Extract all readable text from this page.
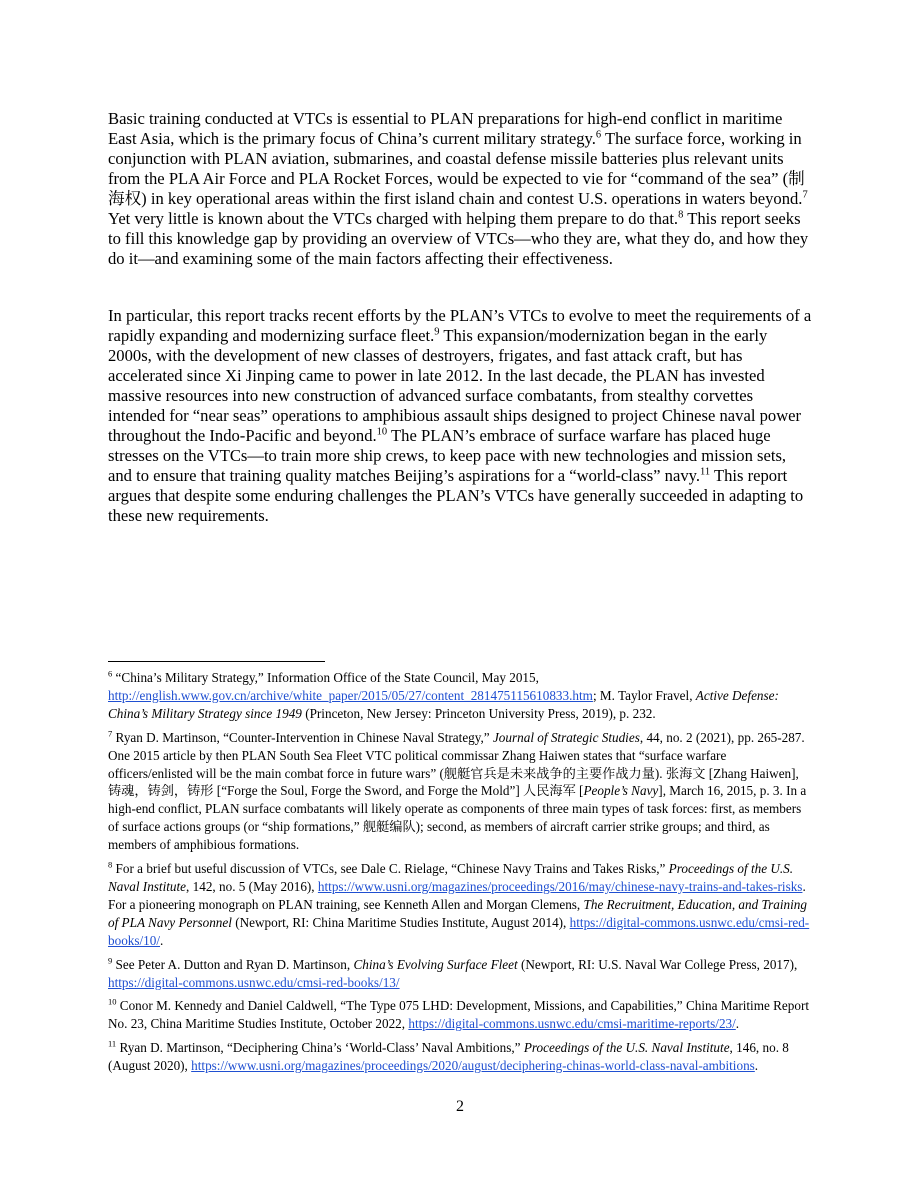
Basic training conducted at VTCs is essential to PLAN preparations for high-end conflict in maritime East Asia, which is the primary focus of China’s current military strategy.$^6$ The surface force, working in conjunction with PLAN aviation, submarines, and coastal defense missile batteries plus relevant units from the PLA Air Force and PLA Rocket Forces, would be expected to vie for “command of the sea” (制海权) in key operational areas within the first island chain and contest U.S. operations in waters beyond.$^7$ Yet very little is known about the VTCs charged with helping them prepare to do that.$^8$ This report seeks to fill this knowledge gap by providing an overview of VTCs—who they are, what they do, and how they do it—and examining some of the main factors affecting their effectiveness.

In particular, this report tracks recent efforts by the PLAN’s VTCs to evolve to meet the requirements of a rapidly expanding and modernizing surface fleet.$^9$ This expansion/modernization began in the early 2000s, with the development of new classes of destroyers, frigates, and fast attack craft, but has accelerated since Xi Jinping came to power in late 2012. In the last decade, the PLAN has invested massive resources into new construction of advanced surface combatants, from stealthy corvettes intended for “near seas” operations to amphibious assault ships designed to project Chinese naval power throughout the Indo-Pacific and beyond.$^{10}$ The PLAN’s embrace of surface warfare has placed huge stresses on the VTCs—to train more ship crews, to keep pace with new technologies and mission sets, and to ensure that training quality matches Beijing’s aspirations for a “world-class” navy.$^{11}$ This report argues that despite some enduring challenges the PLAN’s VTCs have generally succeeded in adapting to these new requirements.

$^6$ “China’s Military Strategy,” Information Office of the State Council, May 2015, http://english.www.gov.cn/archive/white_paper/2015/05/27/content_281475115610833.htm; M. Taylor Fravel, Active Defense: China’s Military Strategy since 1949 (Princeton, New Jersey: Princeton University Press, 2019), p. 232.

$^7$ Ryan D. Martinson, “Counter-Intervention in Chinese Naval Strategy,” Journal of Strategic Studies, 44, no. 2 (2021), pp. 265-287. One 2015 article by then PLAN South Sea Fleet VTC political commissar Zhang Haiwen states that “surface warfare officers/enlisted will be the main combat force in future wars” (舰艇官兵是未来战争的主要作战力量). 张海文 [Zhang Haiwen], 铸魂，铸剑，铸形 [“Forge the Soul, Forge the Sword, and Forge the Mold”] 人民海军 [People’s Navy], March 16, 2015, p. 3. In a high-end conflict, PLAN surface combatants will likely operate as components of three main types of task forces: first, as members of surface actions groups (or “ship formations,” 舰艇编队); second, as members of aircraft carrier strike groups; and third, as members of amphibious formations.

$^8$ For a brief but useful discussion of VTCs, see Dale C. Rielage, “Chinese Navy Trains and Takes Risks,” Proceedings of the U.S. Naval Institute, 142, no. 5 (May 2016), https://www.usni.org/magazines/proceedings/2016/may/chinese-navy-trains-and-takes-risks. For a pioneering monograph on PLAN training, see Kenneth Allen and Morgan Clemens, The Recruitment, Education, and Training of PLA Navy Personnel (Newport, RI: China Maritime Studies Institute, August 2014), https://digital-commons.usnwc.edu/cmsi-red-books/10/.

$^9$ See Peter A. Dutton and Ryan D. Martinson, China’s Evolving Surface Fleet (Newport, RI: U.S. Naval War College Press, 2017), https://digital-commons.usnwc.edu/cmsi-red-books/13/

$^{10}$ Conor M. Kennedy and Daniel Caldwell, “The Type 075 LHD: Development, Missions, and Capabilities,” China Maritime Report No. 23, China Maritime Studies Institute, October 2022, https://digital-commons.usnwc.edu/cmsi-maritime-reports/23/.

$^{11}$ Ryan D. Martinson, “Deciphering China’s ‘World-Class’ Naval Ambitions,” Proceedings of the U.S. Naval Institute, 146, no. 8 (August 2020), https://www.usni.org/magazines/proceedings/2020/august/deciphering-chinas-world-class-naval-ambitions.

2
